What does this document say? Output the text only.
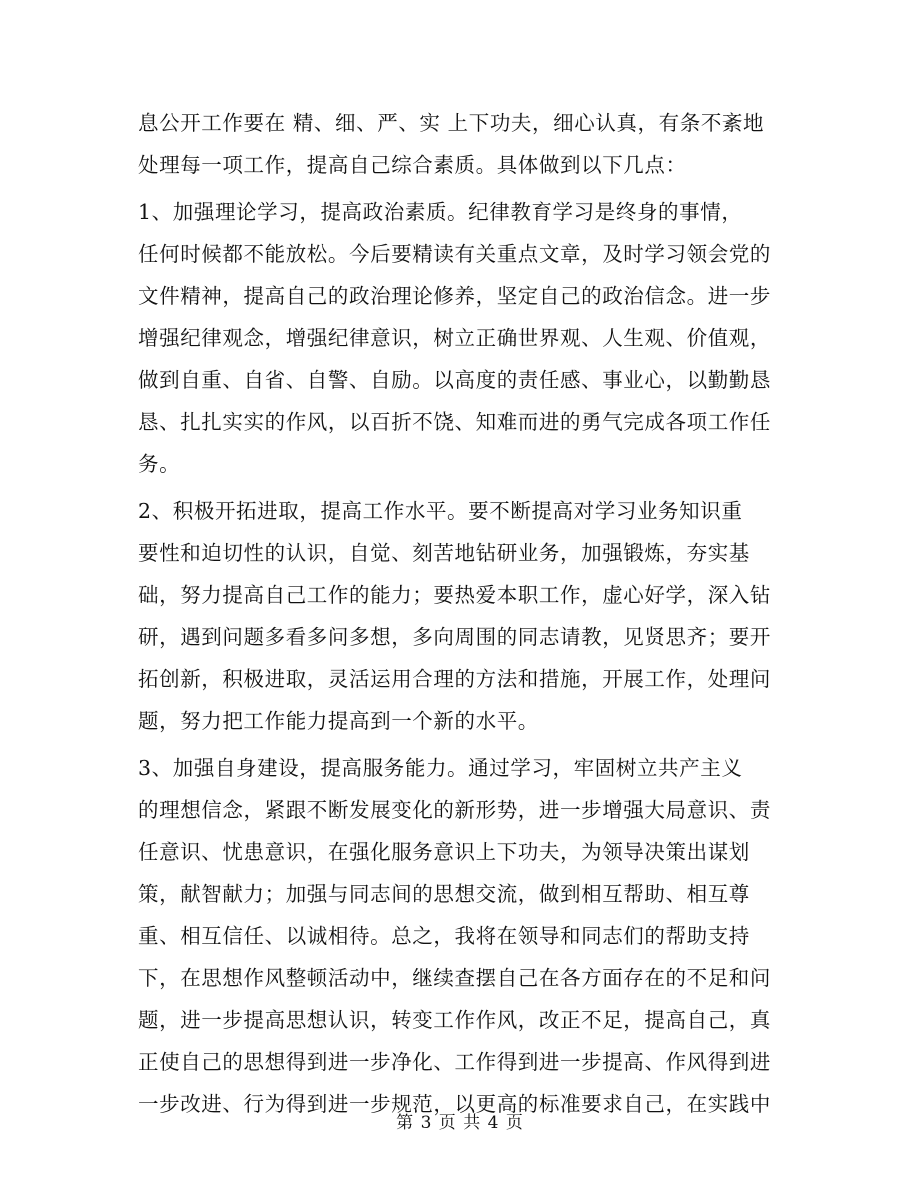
息公开工作要在 精、细、严、实 上下功夫，细心认真，有条不紊地
处理每一项工作，提高自己综合素质。具体做到以下几点：
1、加强理论学习，提高政治素质。纪律教育学习是终身的事情，
任何时候都不能放松。今后要精读有关重点文章，及时学习领会党的
文件精神，提高自己的政治理论修养，坚定自己的政治信念。进一步
增强纪律观念，增强纪律意识，树立正确世界观、人生观、价值观，
做到自重、自省、自警、自励。以高度的责任感、事业心，以勤勤恳
恳、扎扎实实的作风，以百折不饶、知难而进的勇气完成各项工作任
务。
2、积极开拓进取，提高工作水平。要不断提高对学习业务知识重
要性和迫切性的认识，自觉、刻苦地钻研业务，加强锻炼，夯实基
础，努力提高自己工作的能力；要热爱本职工作，虚心好学，深入钻
研，遇到问题多看多问多想，多向周围的同志请教，见贤思齐；要开
拓创新，积极进取，灵活运用合理的方法和措施，开展工作，处理问
题，努力把工作能力提高到一个新的水平。
3、加强自身建设，提高服务能力。通过学习，牢固树立共产主义
的理想信念，紧跟不断发展变化的新形势，进一步增强大局意识、责
任意识、忧患意识，在强化服务意识上下功夫，为领导决策出谋划
策，献智献力；加强与同志间的思想交流，做到相互帮助、相互尊
重、相互信任、以诚相待。总之，我将在领导和同志们的帮助支持
下，在思想作风整顿活动中，继续查摆自己在各方面存在的不足和问
题，进一步提高思想认识，转变工作作风，改正不足，提高自己，真
正使自己的思想得到进一步净化、工作得到进一步提高、作风得到进
一步改进、行为得到进一步规范，以更高的标准要求自己，在实践中
第 3 页 共 4 页
